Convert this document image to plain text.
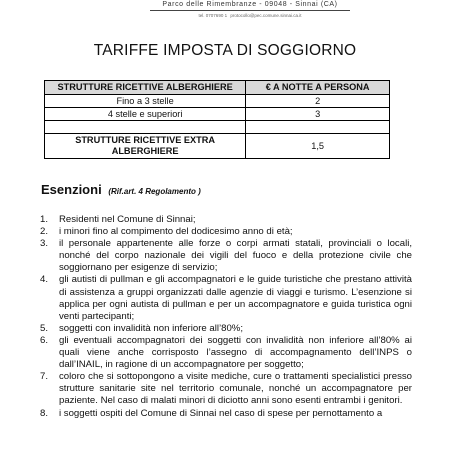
Parco delle Rimembranze - 09048 - Sinnai (CA)
tel. 0707690 1 protocollo@pec.comune.sinnai.ca.it
TARIFFE IMPOSTA DI SOGGIORNO
STRUTTURE RICETTIVE ALBERGHIERE	€ A NOTTE A PERSONA
Fino a 3 stelle	2
4 stelle e superiori	3

STRUTTURE RICETTIVE EXTRA ALBERGHIERE	1,5
Esenzioni (Rif.art. 4 Regolamento )
1.	Residenti nel Comune di Sinnai;
2.	i minori fino al compimento del dodicesimo anno di età;
3.	il personale appartenente alle forze o corpi armati statali, provinciali o locali, nonché del corpo nazionale dei vigili del fuoco e della protezione civile che soggiornano per esigenze di servizio;
4.	gli autisti di pullman e gli accompagnatori e le guide turistiche che prestano attività di assistenza a gruppi organizzati dalle agenzie di viaggi e turismo. L’esenzione si applica per ogni autista di pullman e per un accompagnatore e guida turistica ogni venti partecipanti;
5.	soggetti con invalidità non inferiore all’80%;
6.	gli eventuali accompagnatori dei soggetti con invalidità non inferiore all’80% ai quali viene anche corrisposto l’assegno di accompagnamento dell’INPS o dall’INAIL, in ragione di un accompagnatore per soggetto;
7.	coloro che si sottopongono a visite mediche, cure o trattamenti specialistici presso strutture sanitarie site nel territorio comunale, nonché un accompagnatore per paziente. Nel caso di malati minori di diciotto anni sono esenti entrambi i genitori.
8.	i soggetti ospiti del Comune di Sinnai nel caso di spese per pernottamento a
